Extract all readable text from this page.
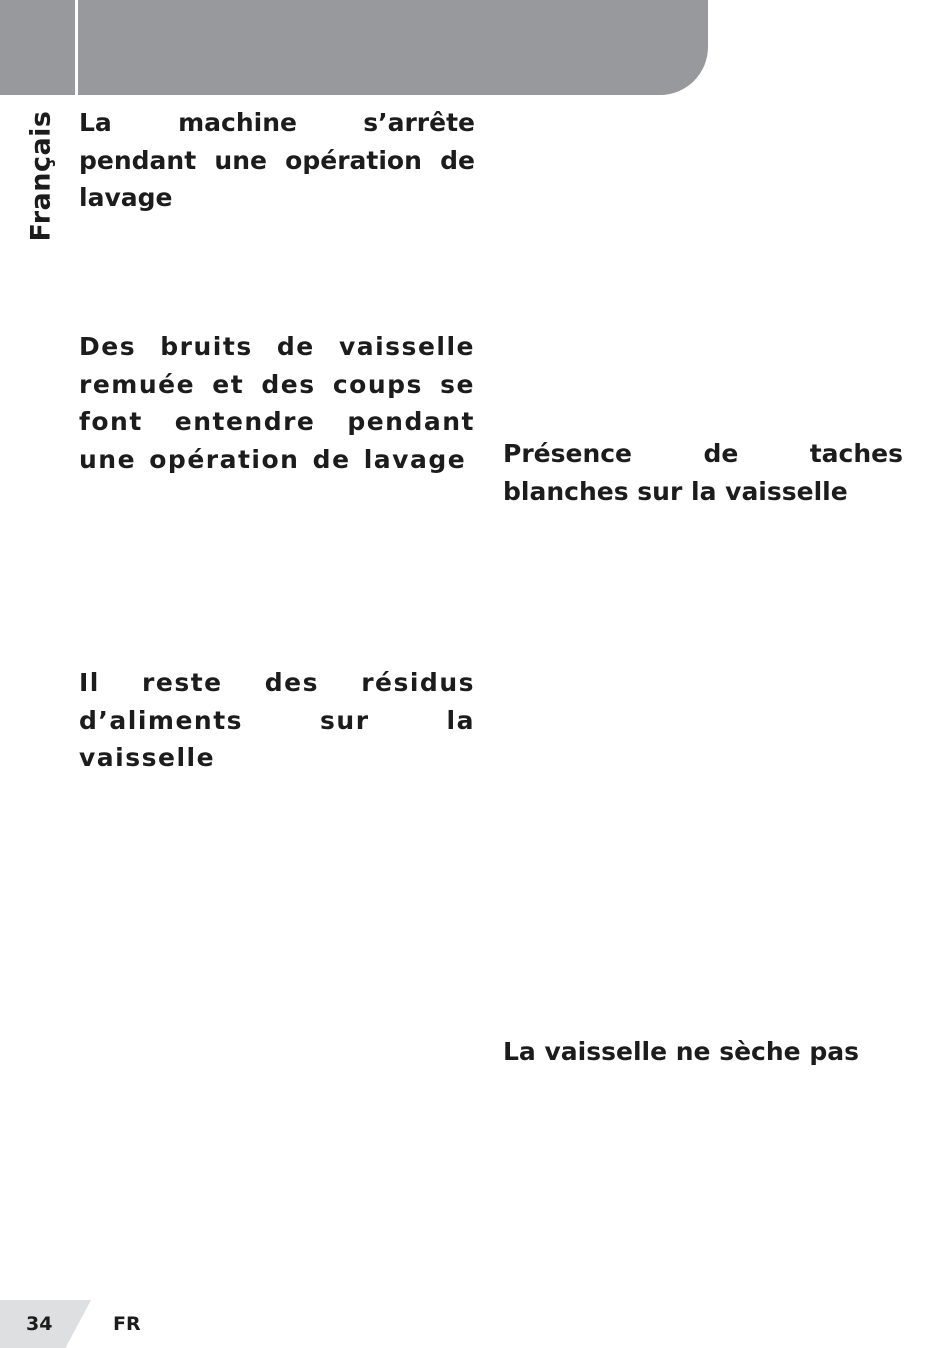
Français La machine s’arrête pendant une opération de lavage
Des bruits de vaisselle remuée et des coups se font entendre pendant une opération de lavage
Il reste des résidus d’aliments sur la vaisselle
Présence de taches blanches sur la vaisselle
La vaisselle ne sèche pas
34	FR
